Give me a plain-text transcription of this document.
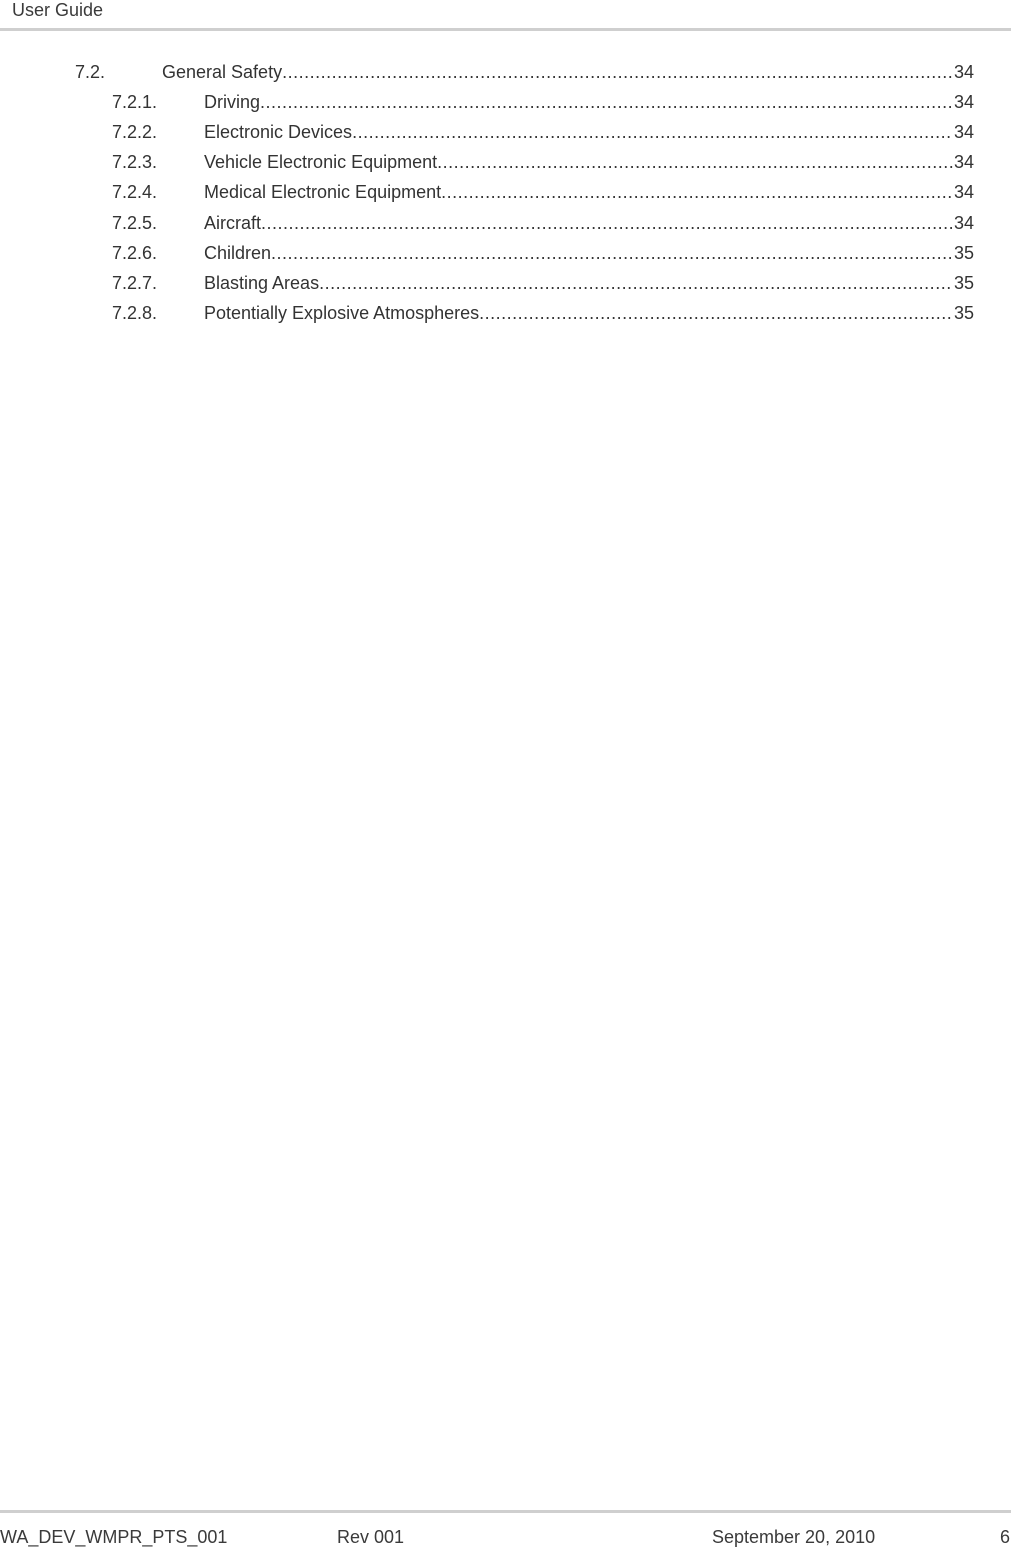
User Guide
7.2.	General Safety .....	34
7.2.1.	Driving .....	34
7.2.2.	Electronic Devices .....	34
7.2.3.	Vehicle Electronic Equipment .....	34
7.2.4.	Medical Electronic Equipment .....	34
7.2.5.	Aircraft .....	34
7.2.6.	Children .....	35
7.2.7.	Blasting Areas .....	35
7.2.8.	Potentially Explosive Atmospheres .....	35
WA_DEV_WMPR_PTS_001	Rev 001	September 20, 2010	6
